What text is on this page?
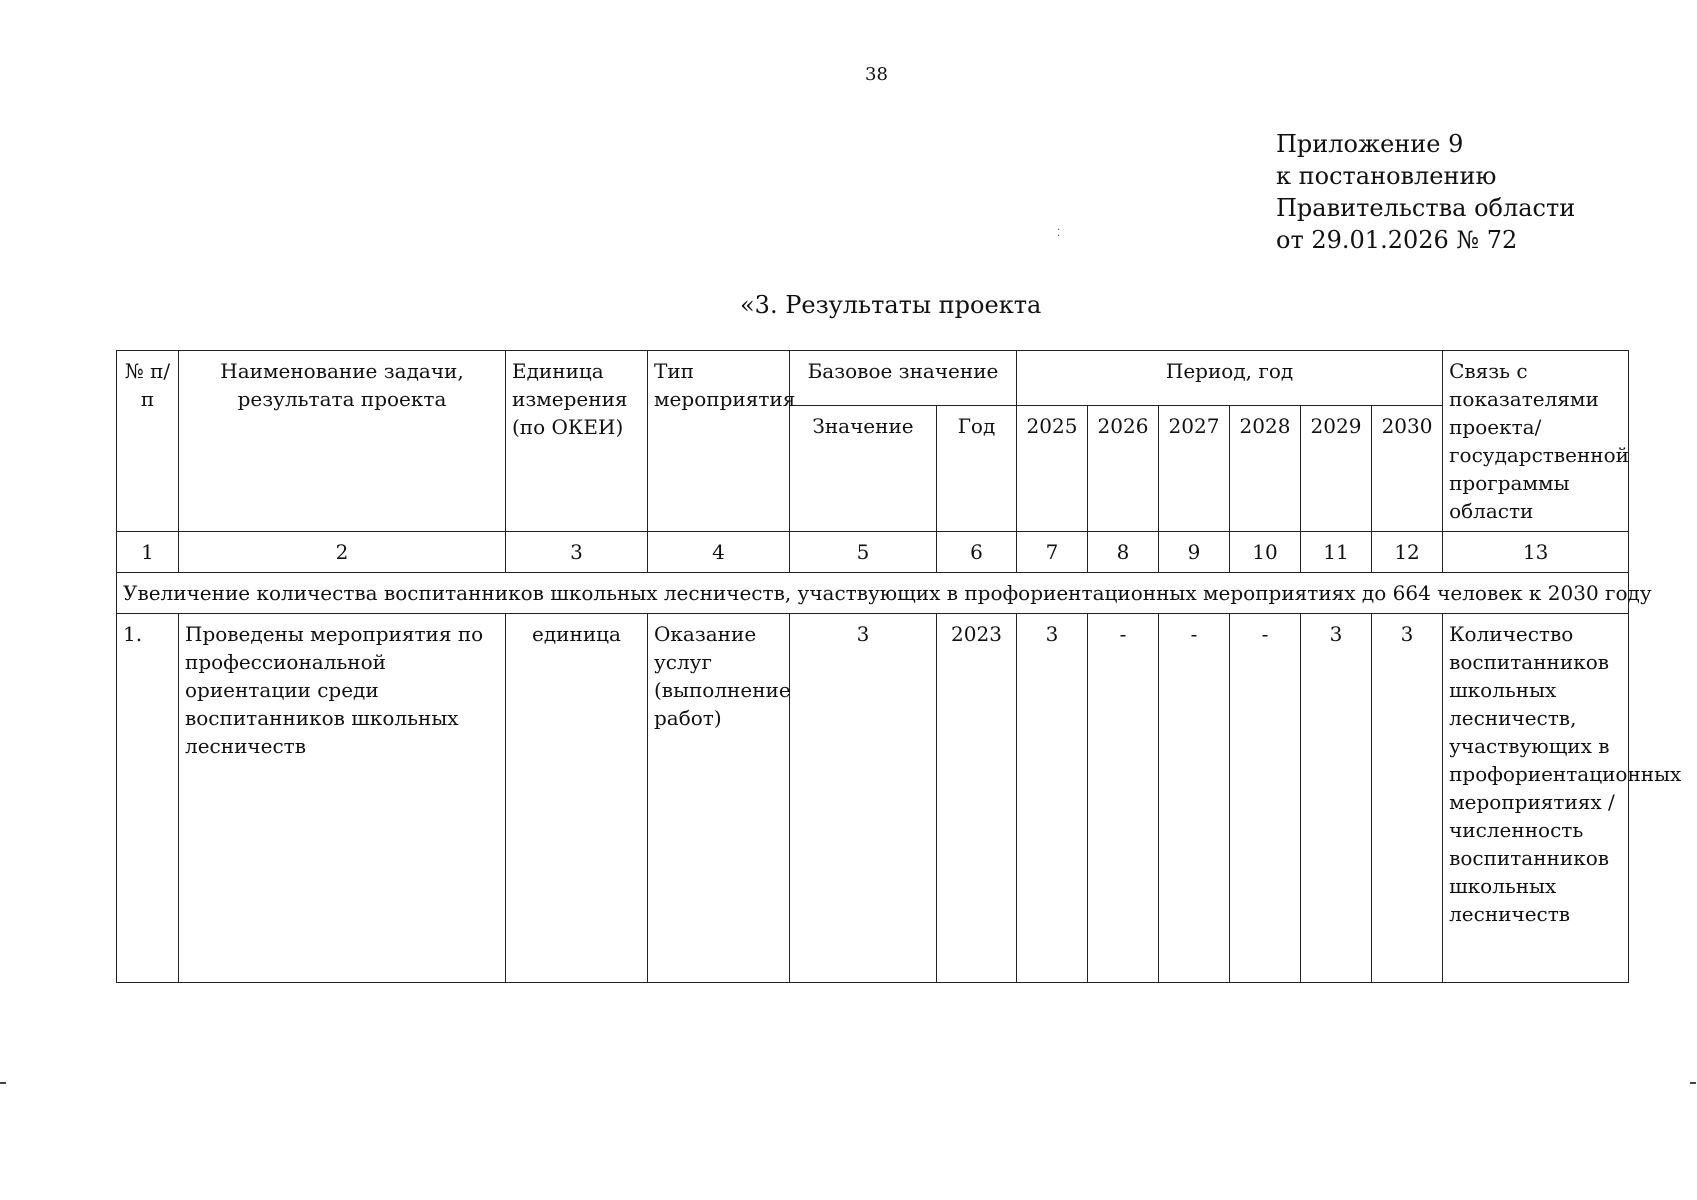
38
Приложение 9
к постановлению
Правительства области
от 29.01.2026 № 72
⁚
«3. Результаты проекта
№ п/п	Наименование задачи, результата проекта	Единица измерения (по ОКЕИ)	Тип мероприятия	Базовое значение		Период, год						Связь с показателями проекта/государственной программы области
				Значение	Год	2025	2026	2027	2028	2029	2030	
1	2	3	4	5	6	7	8	9	10	11	12	13
Увеличение количества воспитанников школьных лесничеств, участвующих в профориентационных мероприятиях до 664 человек к 2030 году												
1.	Проведены мероприятия по профессиональной ориентации среди воспитанников школьных лесничеств	единица	Оказание услуг (выполнение работ)	3	2023	3	-	-	-	3	3	Количество воспитанников школьных лесничеств, участвующих в профориентационных мероприятиях /численность воспитанников школьных лесничеств
